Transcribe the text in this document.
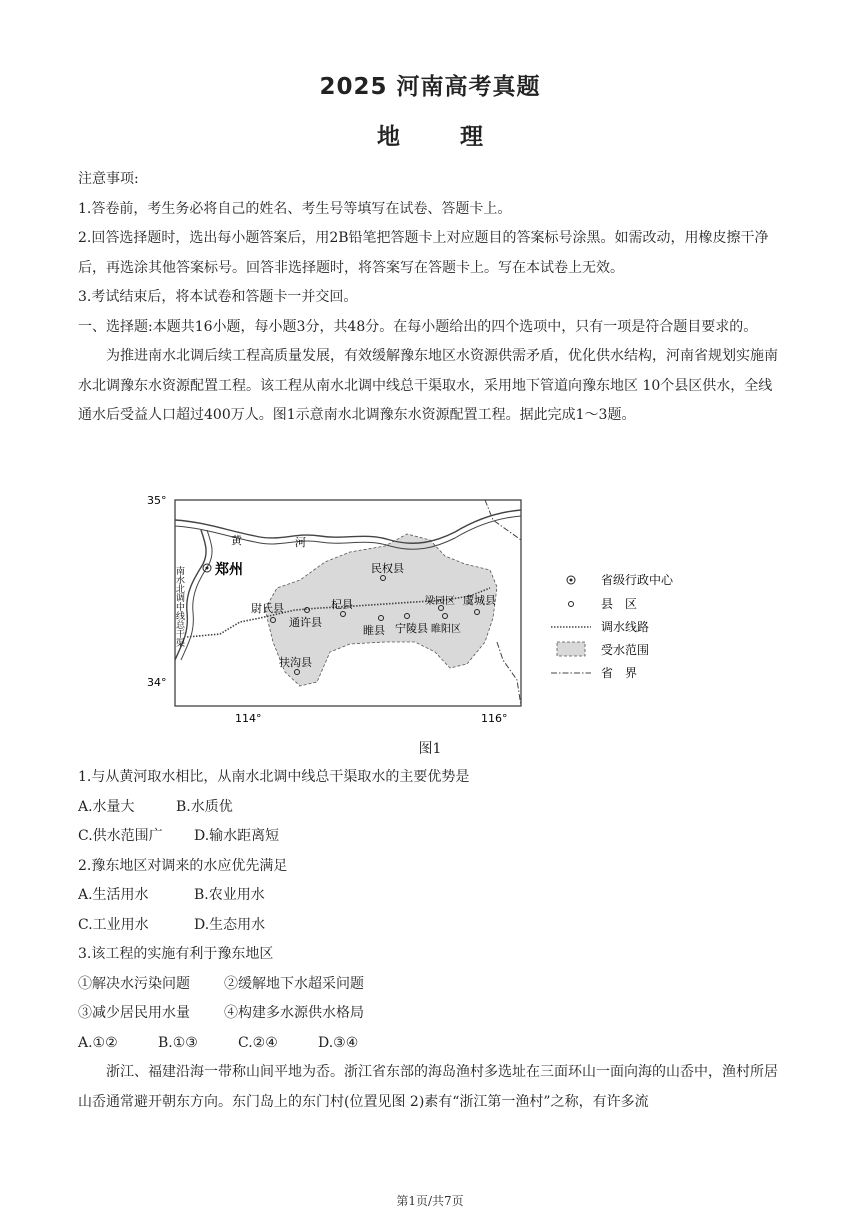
2025 河南高考真题
地	理
注意事项:
1.答卷前，考生务必将自己的姓名、考生号等填写在试卷、答题卡上。
2.回答选择题时，选出每小题答案后，用2B铅笔把答题卡上对应题目的答案标号涂黑。如需改动，用橡皮擦干净后，再选涂其他答案标号。回答非选择题时，将答案写在答题卡上。写在本试卷上无效。
3.考试结束后，将本试卷和答题卡一并交回。
一、选择题:本题共16小题，每小题3分，共48分。在每小题给出的四个选项中，只有一项是符合题目要求的。
为推进南水北调后续工程高质量发展，有效缓解豫东地区水资源供需矛盾，优化供水结构，河南省规划实施南水北调豫东水资源配置工程。该工程从南水北调中线总干渠取水，采用地下管道向豫东地区 10个县区供水，全线通水后受益人口超过400万人。图1示意南水北调豫东水资源配置工程。据此完成1～3题。
郑州	民权县
尉氏县
通许县
杞县
睢县 宁陵县
梁园区
睢阳区
虞城县
扶沟县
黄	河
南水北调中线总干渠
35°
34°
114°	116°
省级行政中心
县　区
调水线路
受水范围
省　界
图1
1.与从黄河取水相比，从南水北调中线总干渠取水的主要优势是
A.水量大	B.水质优
C.供水范围广 D.输水距离短
2.豫东地区对调来的水应优先满足
A.生活用水	B.农业用水
C.工业用水	D.生态用水
3.该工程的实施有利于豫东地区
①解决水污染问题 ②缓解地下水超采问题
③减少居民用水量 ④构建多水源供水格局
A.①②	B.①③	C.②④	D.③④
浙江、福建沿海一带称山间平地为岙。浙江省东部的海岛渔村多选址在三面环山一面向海的山岙中，渔村所居山岙通常避开朝东方向。东门岛上的东门村(位置见图 2)素有“浙江第一渔村”之称，有许多流
第1页/共7页
